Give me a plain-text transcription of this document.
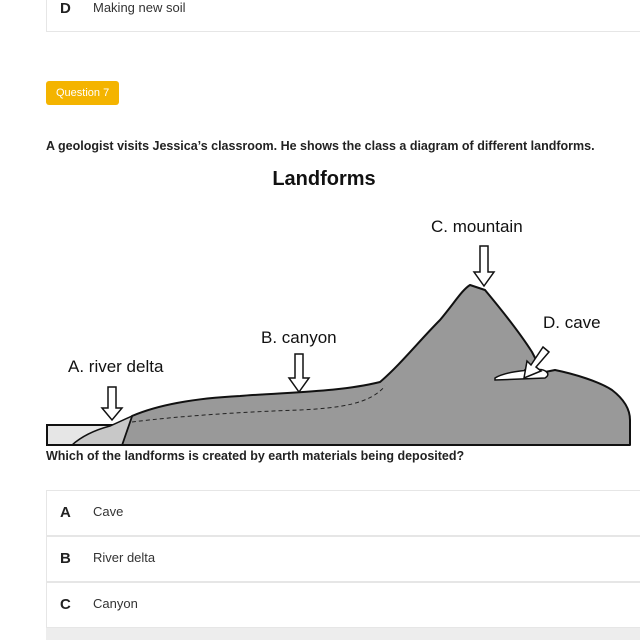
D Making new soil
Question 7
A geologist visits Jessica’s classroom. He shows the class a diagram of different landforms.
Landforms
A. river delta
B. canyon
C. mountain
D. cave
Which of the landforms is created by earth materials being deposited?
A Cave
B River delta
C Canyon
